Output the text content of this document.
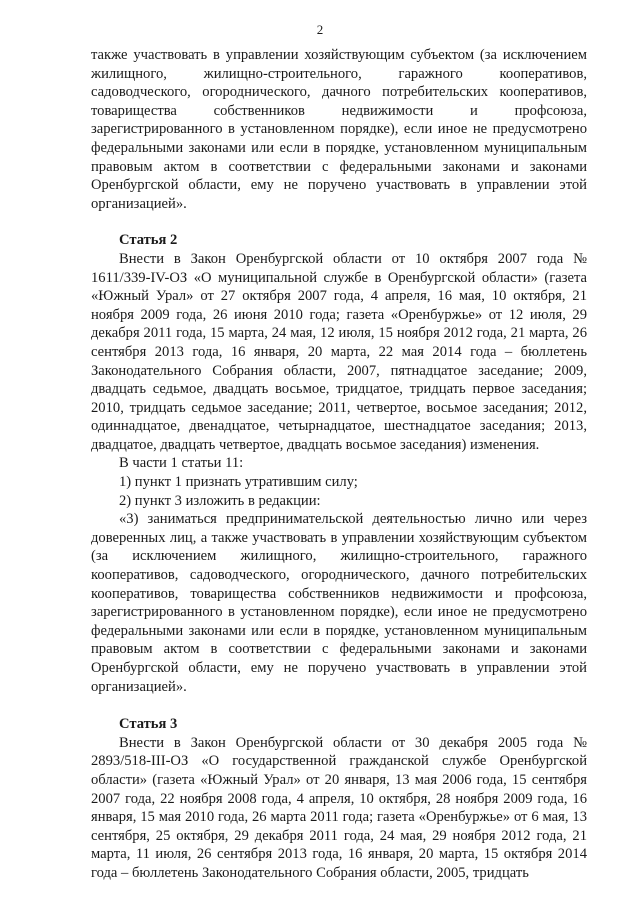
2

также участвовать в управлении хозяйствующим субъектом (за исключением жилищного, жилищно-строительного, гаражного кооперативов, садоводческого, огороднического, дачного потребительских кооперативов, товарищества собственников недвижимости и профсоюза, зарегистрированного в установленном порядке), если иное не предусмотрено федеральными законами или если в порядке, установленном муниципальным правовым актом в соответствии с федеральными законами и законами Оренбургской области, ему не поручено участвовать в управлении этой организацией».

Статья 2

Внести в Закон Оренбургской области от 10 октября 2007 года № 1611/339-IV-ОЗ «О муниципальной службе в Оренбургской области» (газета «Южный Урал» от 27 октября 2007 года, 4 апреля, 16 мая, 10 октября, 21 ноября 2009 года, 26 июня 2010 года; газета «Оренбуржье» от 12 июля, 29 декабря 2011 года, 15 марта, 24 мая, 12 июля, 15 ноября 2012 года, 21 марта, 26 сентября 2013 года, 16 января, 20 марта, 22 мая 2014 года – бюллетень Законодательного Собрания области, 2007, пятнадцатое заседание; 2009, двадцать седьмое, двадцать восьмое, тридцатое, тридцать первое заседания; 2010, тридцать седьмое заседание; 2011, четвертое, восьмое заседания; 2012, одиннадцатое, двенадцатое, четырнадцатое, шестнадцатое заседания; 2013, двадцатое, двадцать четвертое, двадцать восьмое заседания) изменения.

В части 1 статьи 11:

1) пункт 1 признать утратившим силу;

2) пункт 3 изложить в редакции:

«3) заниматься предпринимательской деятельностью лично или через доверенных лиц, а также участвовать в управлении хозяйствующим субъектом (за исключением жилищного, жилищно-строительного, гаражного кооперативов, садоводческого, огороднического, дачного потребительских кооперативов, товарищества собственников недвижимости и профсоюза, зарегистрированного в установленном порядке), если иное не предусмотрено федеральными законами или если в порядке, установленном муниципальным правовым актом в соответствии с федеральными законами и законами Оренбургской области, ему не поручено участвовать в управлении этой организацией».

Статья 3

Внести в Закон Оренбургской области от 30 декабря 2005 года № 2893/518-III-ОЗ «О государственной гражданской службе Оренбургской области» (газета «Южный Урал» от 20 января, 13 мая 2006 года, 15 сентября 2007 года, 22 ноября 2008 года, 4 апреля, 10 октября, 28 ноября 2009 года, 16 января, 15 мая 2010 года, 26 марта 2011 года; газета «Оренбуржье» от 6 мая, 13 сентября, 25 октября, 29 декабря 2011 года, 24 мая, 29 ноября 2012 года, 21 марта, 11 июля, 26 сентября 2013 года, 16 января, 20 марта, 15 октября 2014 года – бюллетень Законодательного Собрания области, 2005, тридцать
